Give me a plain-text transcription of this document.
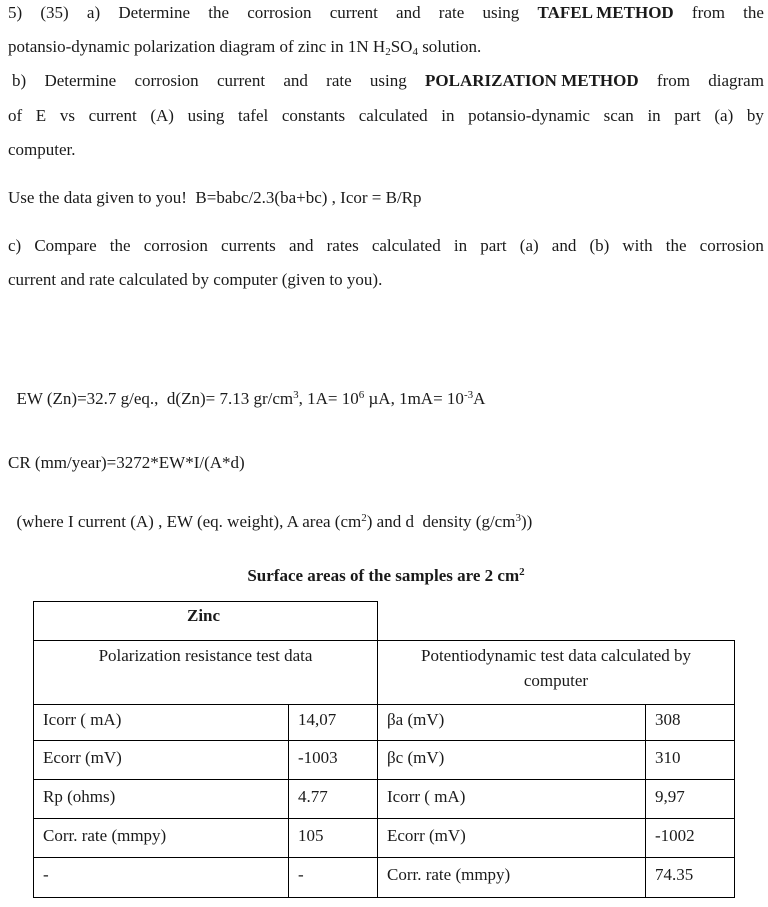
5) (35) a) Determine the corrosion current and rate using TAFEL METHOD from the
potansio-dynamic polarization diagram of zinc in 1N $H_2SO_4$ solution.
b) Determine corrosion current and rate using POLARIZATION METHOD from diagram
of E vs current (A) using tafel constants calculated in potansio-dynamic scan in part (a) by
computer.
Use the data given to you!  B=babc/2.3(ba+bc) , Icor = B/Rp
c) Compare the corrosion currents and rates calculated in part (a) and (b) with the corrosion
current and rate calculated by computer (given to you).

EW (Zn)=32.7 g/eq.,  d(Zn)= 7.13 $gr/cm^3$, $1A= 10^6$ µA, $1mA= 10^{-3}A$

CR (mm/year)=3272*EW*I/(A*d)

(where I current (A) , EW (eq. weight), A area $(cm^2)$ and d  density $(g/cm^3)$)

Surface areas of the samples are 2 $cm^2$
Zinc
Polarization resistance test data	Potentiodynamic test data calculated by
computer
Icorr ( mA)	14,07	βa (mV)	308
Ecorr (mV)	-1003	βc (mV)	310
Rp (ohms)	4.77	Icorr ( mA)	9,97
Corr. rate (mmpy)	105	Ecorr (mV)	-1002
-	-	Corr. rate (mmpy)	74.35
